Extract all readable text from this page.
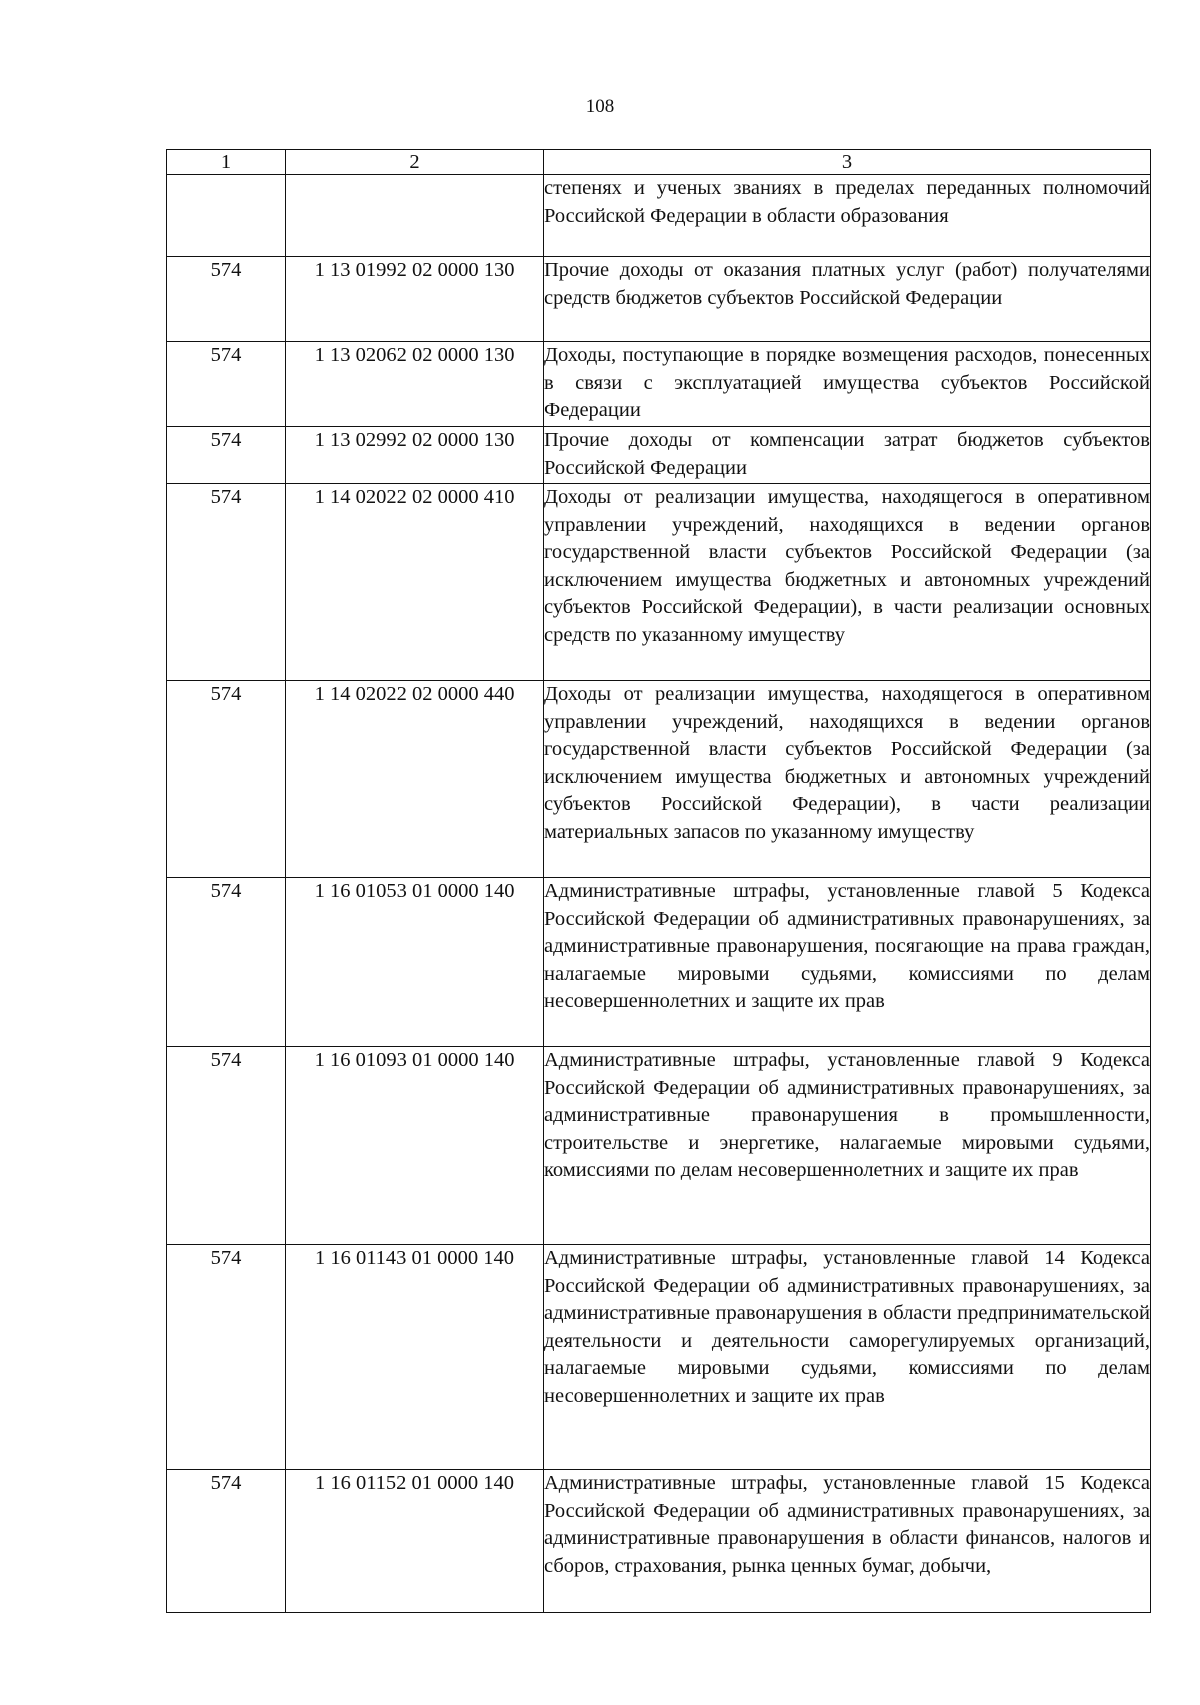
108
1	2	3
		степенях и ученых званиях в пределах переданных полномочий Российской Федерации в области образования
574	1 13 01992 02 0000 130	Прочие доходы от оказания платных услуг (работ) получателями средств бюджетов субъектов Российской Федерации
574	1 13 02062 02 0000 130	Доходы, поступающие в порядке возмещения расходов, понесенных в связи с эксплуатацией имущества субъектов Российской Федерации
574	1 13 02992 02 0000 130	Прочие доходы от компенсации затрат бюджетов субъектов Российской Федерации
574	1 14 02022 02 0000 410	Доходы от реализации имущества, находящегося в оперативном управлении учреждений, находящихся в ведении органов государственной власти субъектов Российской Федерации (за исключением имущества бюджетных и автономных учреждений субъектов Российской Федерации), в части реализации основных средств по указанному имуществу
574	1 14 02022 02 0000 440	Доходы от реализации имущества, находящегося в оперативном управлении учреждений, находящихся в ведении органов государственной власти субъектов Российской Федерации (за исключением имущества бюджетных и автономных учреждений субъектов Российской Федерации), в части реализации материальных запасов по указанному имуществу
574	1 16 01053 01 0000 140	Административные штрафы, установленные главой 5 Кодекса Российской Федерации об административных правонарушениях, за административные правонарушения, посягающие на права граждан, налагаемые мировыми судьями, комиссиями по делам несовершеннолетних и защите их прав
574	1 16 01093 01 0000 140	Административные штрафы, установленные главой 9 Кодекса Российской Федерации об административных правонарушениях, за административные правонарушения в промышленности, строительстве и энергетике, налагаемые мировыми судьями, комиссиями по делам несовершеннолетних и защите их прав
574	1 16 01143 01 0000 140	Административные штрафы, установленные главой 14 Кодекса Российской Федерации об административных правонарушениях, за административные правонарушения в области предпринимательской деятельности и деятельности саморегулируемых организаций, налагаемые мировыми судьями, комиссиями по делам несовершеннолетних и защите их прав
574	1 16 01152 01 0000 140	Административные штрафы, установленные главой 15 Кодекса Российской Федерации об административных правонарушениях, за административные правонарушения в области финансов, налогов и сборов, страхования, рынка ценных бумаг, добычи,
